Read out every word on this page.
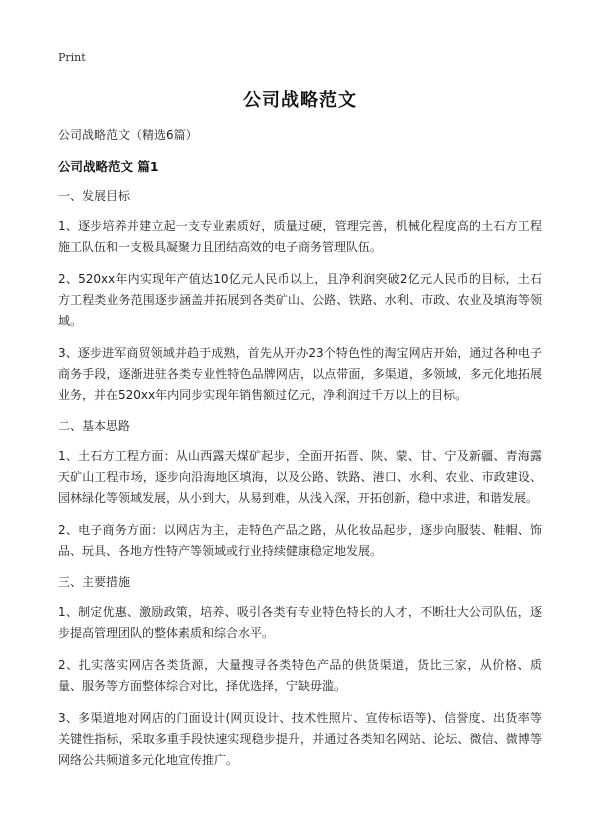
Print
公司战略范文

公司战略范文（精选6篇）

公司战略范文 篇1

一、发展目标

1、逐步培养并建立起一支专业素质好，质量过硬，管理完善，机械化程度高的土石方工程施工队伍和一支极具凝聚力且团结高效的电子商务管理队伍。

2、520xx年内实现年产值达10亿元人民币以上，且净利润突破2亿元人民币的目标，土石方工程类业务范围逐步涵盖并拓展到各类矿山、公路、铁路、水利、市政、农业及填海等领域。

3、逐步进军商贸领域并趋于成熟，首先从开办23个特色性的淘宝网店开始，通过各种电子商务手段，逐渐进驻各类专业性特色品牌网店，以点带面，多渠道，多领域，多元化地拓展业务，并在520xx年内同步实现年销售额过亿元，净利润过千万以上的目标。

二、基本思路

1、土石方工程方面：从山西露天煤矿起步，全面开拓晋、陕、蒙、甘、宁及新疆、青海露天矿山工程市场，逐步向沿海地区填海，以及公路、铁路、港口、水利、农业、市政建设、园林绿化等领域发展，从小到大，从易到难，从浅入深，开拓创新，稳中求进，和谐发展。

2、电子商务方面：以网店为主，走特色产品之路，从化妆品起步，逐步向服装、鞋帽、饰品、玩具、各地方性特产等领域或行业持续健康稳定地发展。

三、主要措施

1、制定优惠、激励政策，培养、吸引各类有专业特色特长的人才，不断壮大公司队伍，逐步提高管理团队的整体素质和综合水平。

2、扎实落实网店各类货源，大量搜寻各类特色产品的供货渠道，货比三家，从价格、质量、服务等方面整体综合对比，择优选择，宁缺毋滥。

3、多渠道地对网店的门面设计(网页设计、技术性照片、宣传标语等)、信誉度、出货率等关键性指标，采取多重手段快速实现稳步提升，并通过各类知名网站、论坛、微信、微博等网络公共频道多元化地宣传推广。
